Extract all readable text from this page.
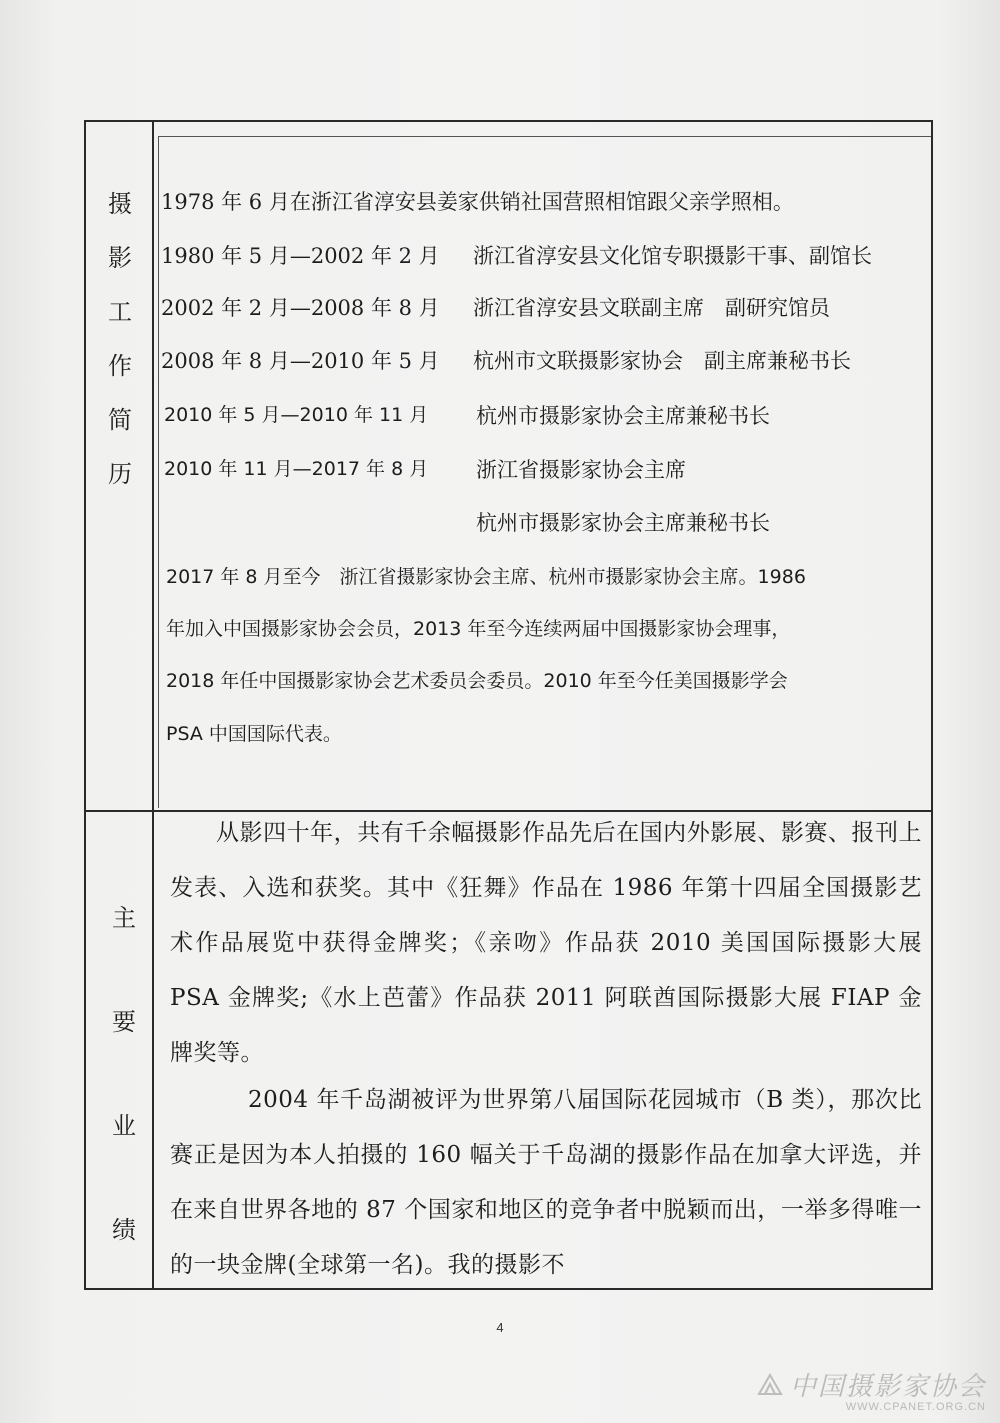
摄
影
工
作
简
历
1978 年 6 月在浙江省淳安县姜家供销社国营照相馆跟父亲学照相。
1980 年 5 月—2002 年 2 月 浙江省淳安县文化馆专职摄影干事、副馆长
2002 年 2 月—2008 年 8 月 浙江省淳安县文联副主席　副研究馆员
2008 年 8 月—2010 年 5 月 杭州市文联摄影家协会　副主席兼秘书长
2010 年 5 月—2010 年 11 月 杭州市摄影家协会主席兼秘书长
2010 年 11 月—2017 年 8 月 浙江省摄影家协会主席
杭州市摄影家协会主席兼秘书长
2017 年 8 月至今　浙江省摄影家协会主席、杭州市摄影家协会主席。1986
年加入中国摄影家协会会员，2013 年至今连续两届中国摄影家协会理事，
2018 年任中国摄影家协会艺术委员会委员。2010 年至今任美国摄影学会
PSA 中国国际代表。
主
要
业
绩
从影四十年，共有千余幅摄影作品先后在国内外影展、影赛、报刊上发表、入选和获奖。其中《狂舞》作品在 1986 年第十四届全国摄影艺术作品展览中获得金牌奖；《亲吻》作品获 2010 美国国际摄影大展 PSA 金牌奖;《水上芭蕾》作品获 2011 阿联酋国际摄影大展 FIAP 金牌奖等。
2004 年千岛湖被评为世界第八届国际花园城市（B 类），那次比赛正是因为本人拍摄的 160 幅关于千岛湖的摄影作品在加拿大评选，并在来自世界各地的 87 个国家和地区的竞争者中脱颖而出，一举多得唯一的一块金牌(全球第一名)。我的摄影不
4
中国摄影家协会
WWW.CPANET.ORG.CN
